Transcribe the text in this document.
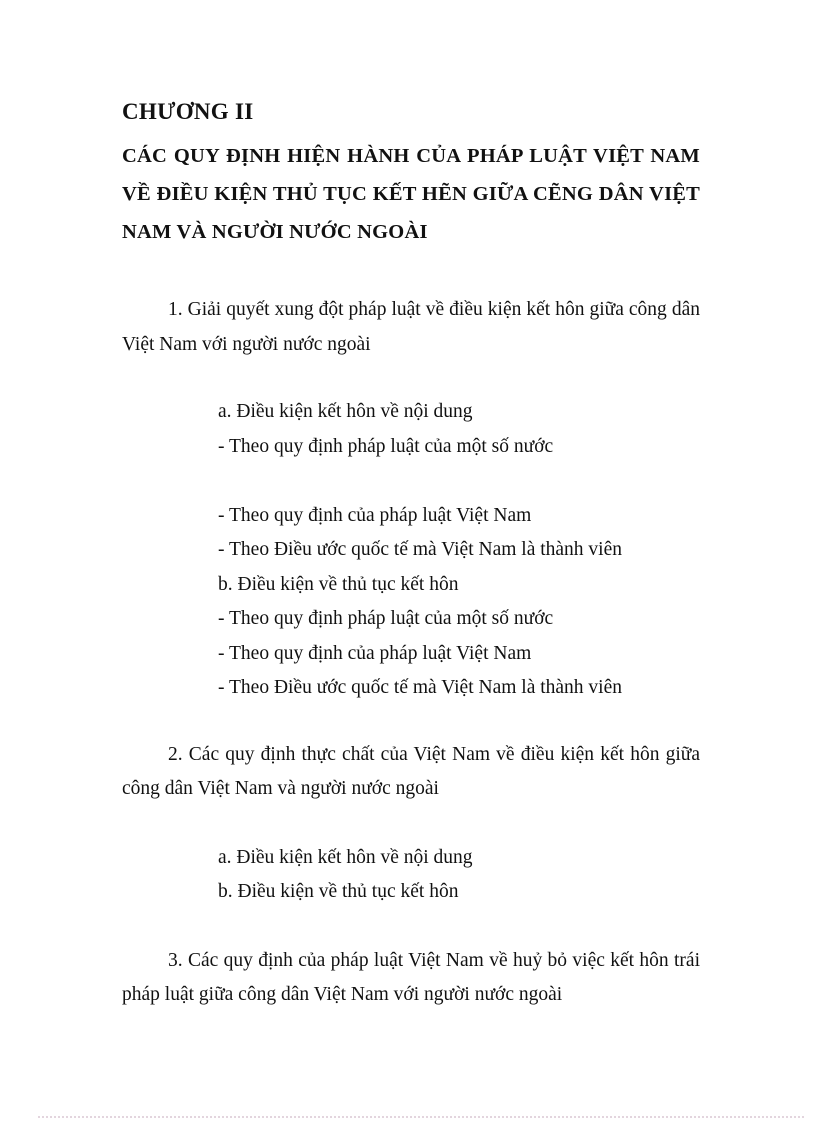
CHƯƠNG II
CÁC QUY ĐỊNH HIỆN HÀNH CỦA PHÁP LUẬT VIỆT NAM
VỀ ĐIỀU KIỆN THỦ TỤC KẾT HẼN GIỮA CẼNG DÂN VIỆT
NAM VÀ NGƯỜI NƯỚC NGOÀI
1. Giải quyết xung đột pháp luật về điều kiện kết hôn giữa công dân
Việt Nam với người nước ngoài
a. Điều kiện kết hôn về nội dung
- Theo quy định pháp luật của một số nước
- Theo quy định của pháp luật Việt Nam
- Theo Điều ước quốc tế mà Việt Nam là thành viên
b. Điều kiện về thủ tục kết hôn
- Theo quy định pháp luật của một số nước
- Theo quy định của pháp luật Việt Nam
- Theo Điều ước quốc tế mà Việt Nam là thành viên
2. Các quy định thực chất của Việt Nam về điều kiện kết hôn giữa
công dân Việt Nam và người nước ngoài
a. Điều kiện kết hôn về nội dung
b. Điều kiện về thủ tục kết hôn
3. Các quy định của pháp luật Việt Nam về huỷ bỏ việc kết hôn trái
pháp luật giữa công dân Việt Nam với người nước ngoài
